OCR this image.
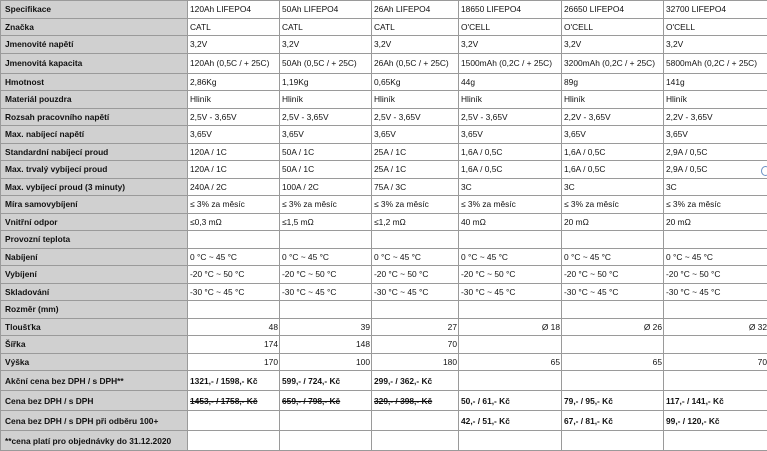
Specifikace	120Ah LIFEPO4	50Ah LIFEPO4	26Ah LIFEPO4	18650 LIFEPO4	26650 LIFEPO4	32700 LIFEPO4
Značka	CATL	CATL	CATL	O'CELL	O'CELL	O'CELL
Jmenovité napětí	3,2V	3,2V	3,2V	3,2V	3,2V	3,2V
Jmenovitá kapacita	120Ah (0,5C / + 25C)	50Ah (0,5C / + 25C)	26Ah (0,5C / + 25C)	1500mAh (0,2C / + 25C)	3200mAh (0,2C / + 25C)	5800mAh (0,2C / + 25C)
Hmotnost	2,86Kg	1,19Kg	0,65Kg	44g	89g	141g
Materiál pouzdra	Hliník	Hliník	Hliník	Hliník	Hliník	Hliník
Rozsah pracovního napětí	2,5V - 3,65V	2,5V - 3,65V	2,5V - 3,65V	2,5V - 3,65V	2,2V - 3,65V	2,2V - 3,65V
Max. nabíjecí napětí	3,65V	3,65V	3,65V	3,65V	3,65V	3,65V
Standardní nabíjecí proud	120A / 1C	50A / 1C	25A / 1C	1,6A / 0,5C	1,6A / 0,5C	2,9A / 0,5C
Max. trvalý vybíjecí proud	120A / 1C	50A / 1C	25A / 1C	1,6A / 0,5C	1,6A / 0,5C	2,9A / 0,5C
Max. vybíjecí proud (3 minuty)	240A / 2C	100A / 2C	75A / 3C	3C	3C	3C
Míra samovybíjení	≤ 3% za měsíc	≤ 3% za měsíc	≤ 3% za měsíc	≤ 3% za měsíc	≤ 3% za měsíc	≤ 3% za měsíc
Vnitřní odpor	≤0,3 mΩ	≤1,5 mΩ	≤1,2 mΩ	40 mΩ	20 mΩ	20 mΩ
Provozní teplota						
Nabíjení	0 °C ~ 45 °C	0 °C ~ 45 °C	0 °C ~ 45 °C	0 °C ~ 45 °C	0 °C ~ 45 °C	0 °C ~ 45 °C
Vybíjení	-20 °C ~ 50 °C	-20 °C ~ 50 °C	-20 °C ~ 50 °C	-20 °C ~ 50 °C	-20 °C ~ 50 °C	-20 °C ~ 50 °C
Skladování	-30 °C ~ 45 °C	-30 °C ~ 45 °C	-30 °C ~ 45 °C	-30 °C ~ 45 °C	-30 °C ~ 45 °C	-30 °C ~ 45 °C
Rozměr (mm)						
Tloušťka	48	39	27	Ø 18	Ø 26	Ø 32
Šířka	174	148	70			
Výška	170	100	180	65	65	70
Akční cena bez DPH / s DPH**	1321,- / 1598,- Kč	599,- / 724,- Kč	299,- / 362,- Kč			
Cena bez DPH / s DPH	1453,- / 1758,- Kč	659,- / 798,- Kč	329,- / 398,- Kč	50,- / 61,- Kč	79,- / 95,- Kč	117,- / 141,- Kč
Cena bez DPH / s DPH při odběru 100+				42,- / 51,- Kč	67,- / 81,- Kč	99,- / 120,- Kč
**cena platí pro objednávky do 31.12.2020						
